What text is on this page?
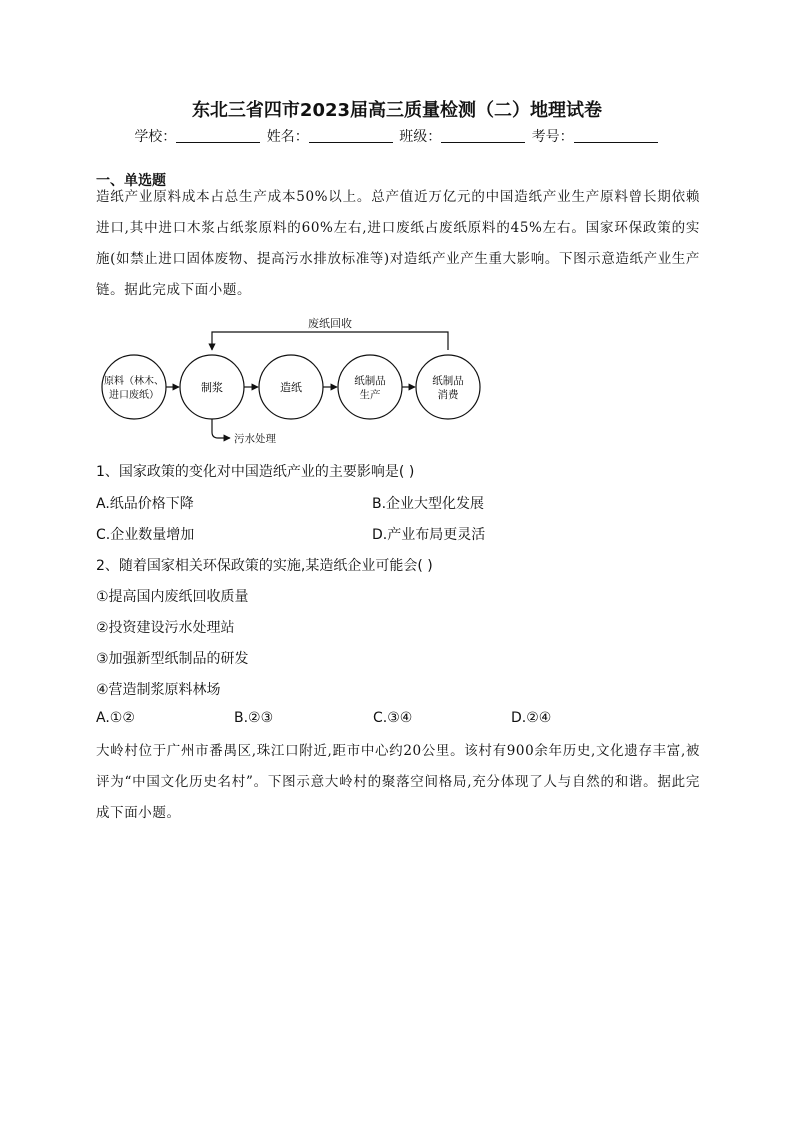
东北三省四市2023届高三质量检测（二）地理试卷
学校：	姓名：	班级：	考号：
一、单选题
造纸产业原料成本占总生产成本50%以上。总产值近万亿元的中国造纸产业生产原料曾长期依赖进口,其中进口木浆占纸浆原料的60%左右,进口废纸占废纸原料的45%左右。国家环保政策的实施(如禁止进口固体废物、提高污水排放标准等)对造纸产业产生重大影响。下图示意造纸产业生产链。据此完成下面小题。
废纸回收
污水处理
原料（林木、
进口废纸）
制浆	造纸	纸制品
生产
纸制品
消费
1、国家政策的变化对中国造纸产业的主要影响是( )
A.纸品价格下降	B.企业大型化发展
C.企业数量增加	D.产业布局更灵活
2、随着国家相关环保政策的实施,某造纸企业可能会( )
①提高国内废纸回收质量
②投资建设污水处理站
③加强新型纸制品的研发
④营造制浆原料林场
A.①②	B.②③	C.③④	D.②④
大岭村位于广州市番禺区,珠江口附近,距市中心约20公里。该村有900余年历史,文化遗存丰富,被评为“中国文化历史名村”。下图示意大岭村的聚落空间格局,充分体现了人与自然的和谐。据此完成下面小题。
